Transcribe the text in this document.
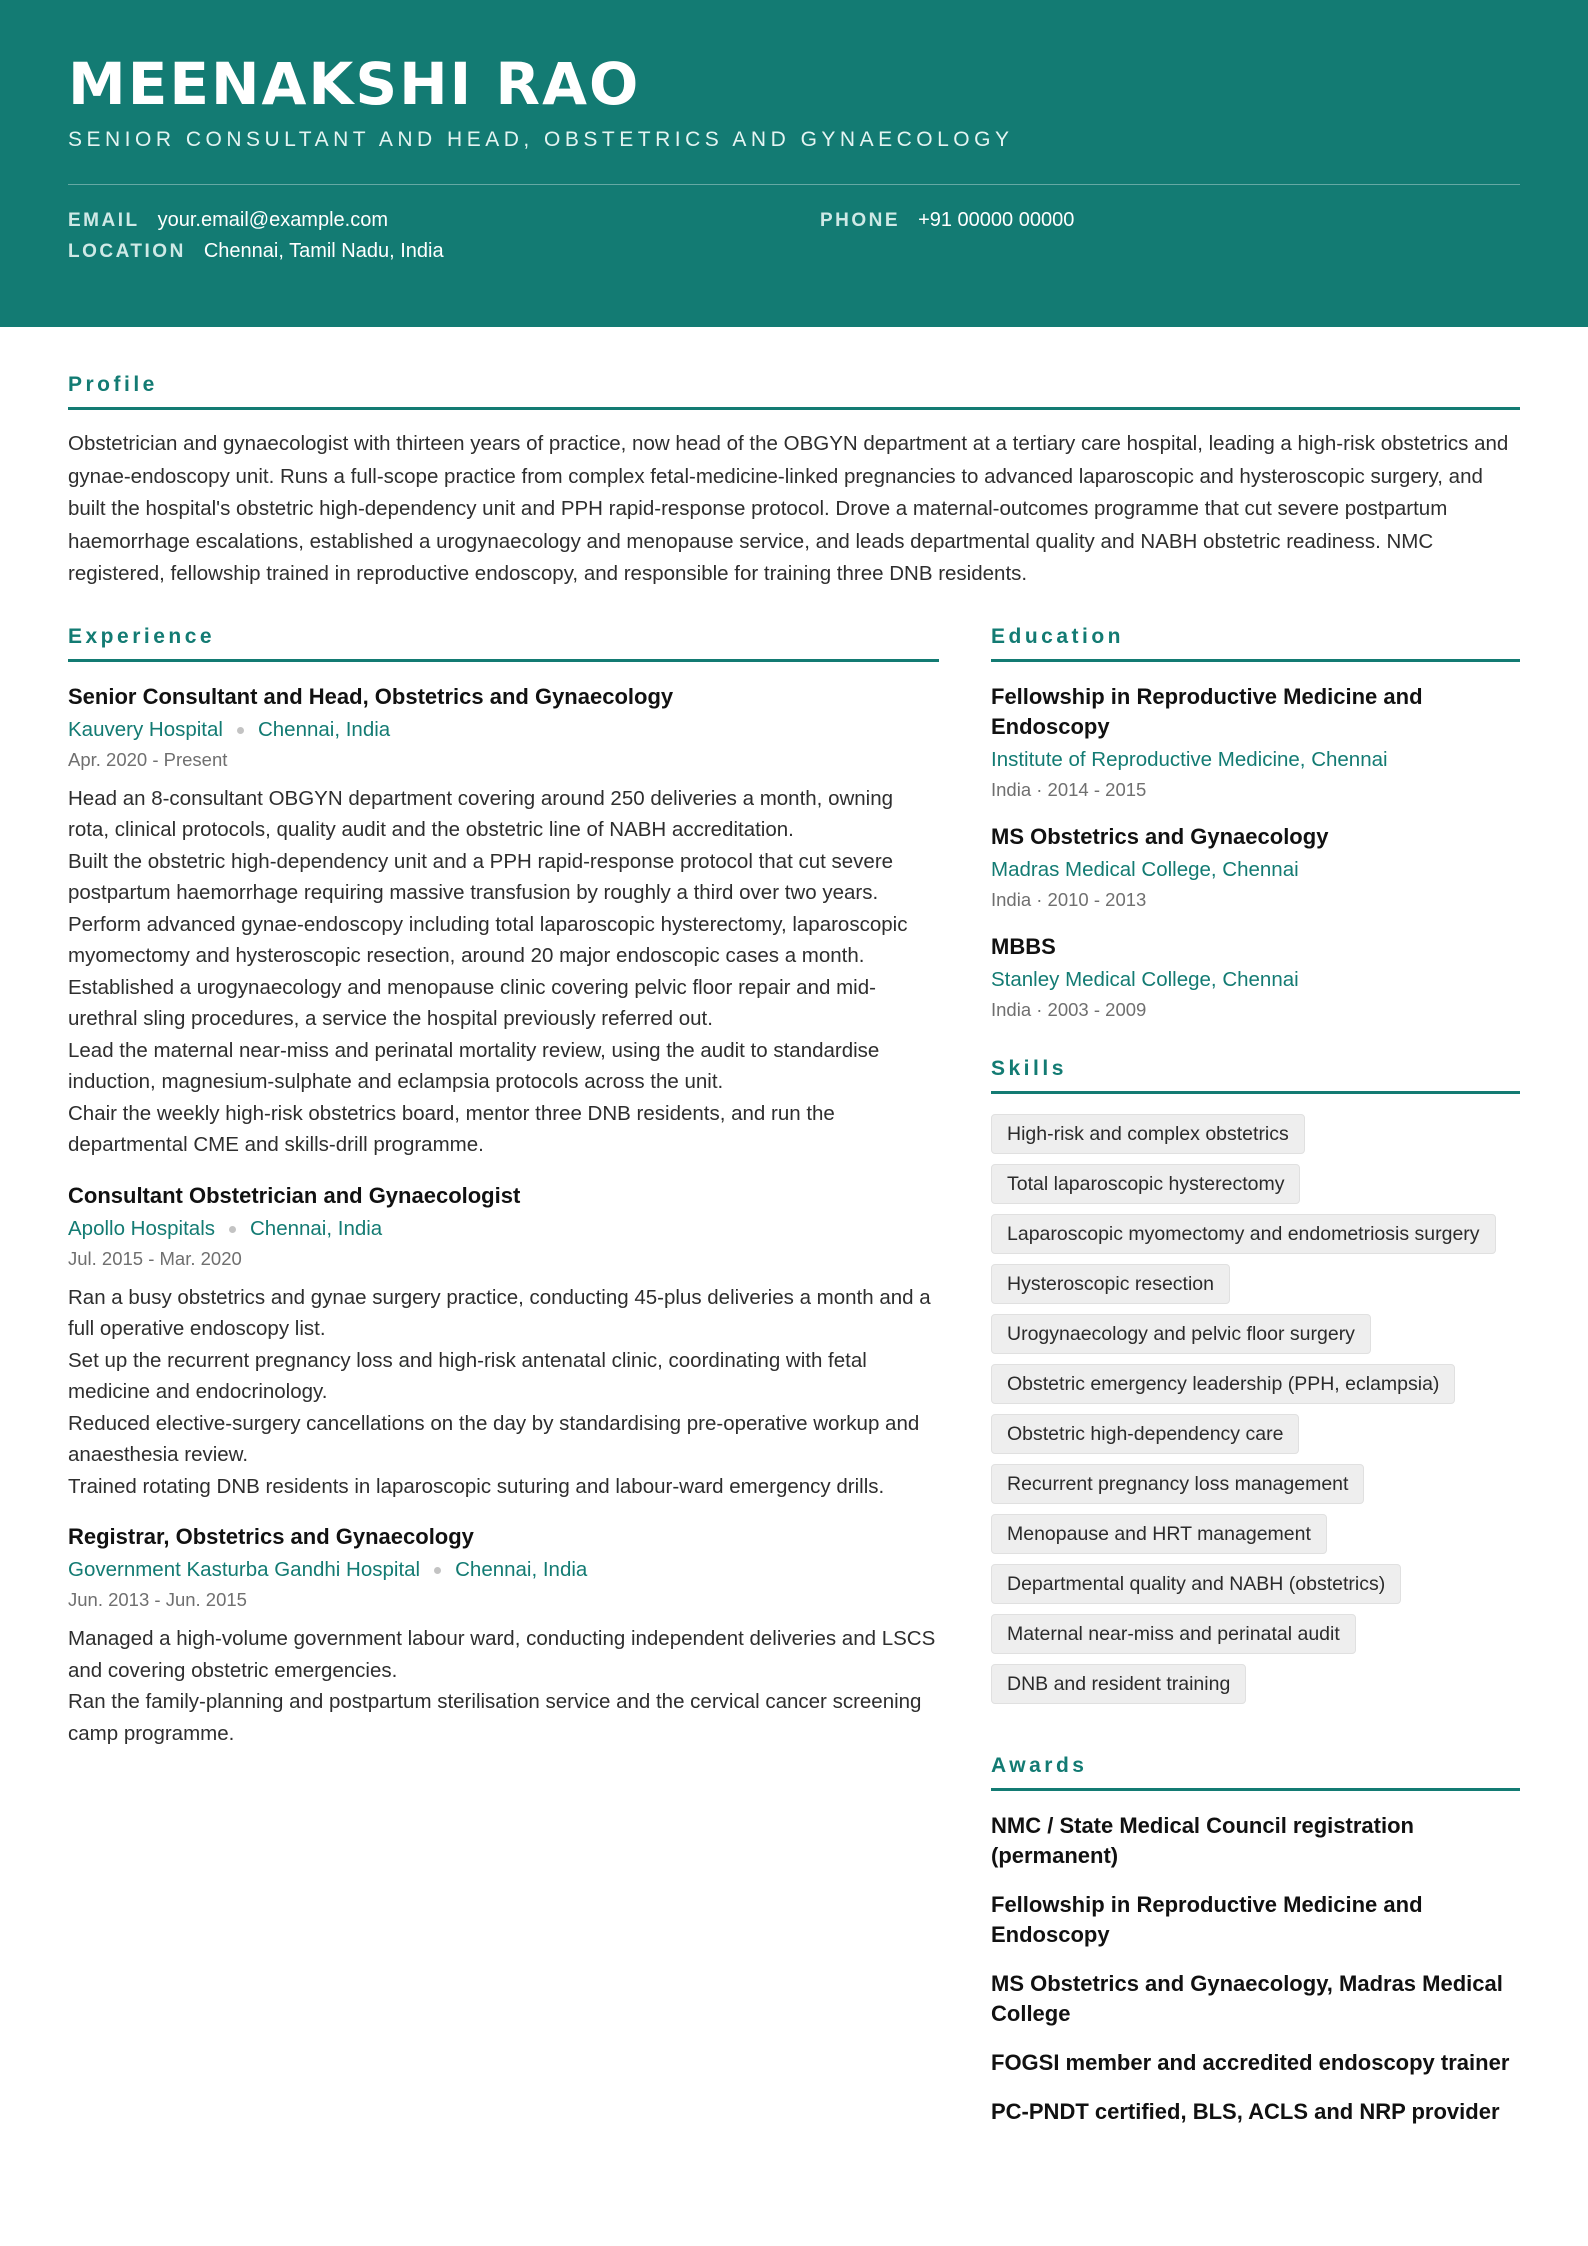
MEENAKSHI RAO
SENIOR CONSULTANT AND HEAD, OBSTETRICS AND GYNAECOLOGY
EMAIL your.email@example.com	PHONE +91 00000 00000
LOCATION Chennai, Tamil Nadu, India
Profile

Obstetrician and gynaecologist with thirteen years of practice, now head of the OBGYN department at a tertiary care hospital, leading a high-risk obstetrics and gynae-endoscopy unit. Runs a full-scope practice from complex fetal-medicine-linked pregnancies to advanced laparoscopic and hysteroscopic surgery, and built the hospital's obstetric high-dependency unit and PPH rapid-response protocol. Drove a maternal-outcomes programme that cut severe postpartum haemorrhage escalations, established a urogynaecology and menopause service, and leads departmental quality and NABH obstetric readiness. NMC registered, fellowship trained in reproductive endoscopy, and responsible for training three DNB residents.

Experience
Senior Consultant and Head, Obstetrics and Gynaecology
Kauvery Hospital Chennai, India
Apr. 2020 - Present
Head an 8-consultant OBGYN department covering around 250 deliveries a month, owning rota, clinical protocols, quality audit and the obstetric line of NABH accreditation.
Built the obstetric high-dependency unit and a PPH rapid-response protocol that cut severe postpartum haemorrhage requiring massive transfusion by roughly a third over two years.
Perform advanced gynae-endoscopy including total laparoscopic hysterectomy, laparoscopic myomectomy and hysteroscopic resection, around 20 major endoscopic cases a month.
Established a urogynaecology and menopause clinic covering pelvic floor repair and mid-urethral sling procedures, a service the hospital previously referred out.
Lead the maternal near-miss and perinatal mortality review, using the audit to standardise induction, magnesium-sulphate and eclampsia protocols across the unit.
Chair the weekly high-risk obstetrics board, mentor three DNB residents, and run the departmental CME and skills-drill programme.
Consultant Obstetrician and Gynaecologist
Apollo Hospitals Chennai, India
Jul. 2015 - Mar. 2020
Ran a busy obstetrics and gynae surgery practice, conducting 45-plus deliveries a month and a full operative endoscopy list.
Set up the recurrent pregnancy loss and high-risk antenatal clinic, coordinating with fetal medicine and endocrinology.
Reduced elective-surgery cancellations on the day by standardising pre-operative workup and anaesthesia review.
Trained rotating DNB residents in laparoscopic suturing and labour-ward emergency drills.
Registrar, Obstetrics and Gynaecology
Government Kasturba Gandhi Hospital Chennai, India
Jun. 2013 - Jun. 2015
Managed a high-volume government labour ward, conducting independent deliveries and LSCS and covering obstetric emergencies.
Ran the family-planning and postpartum sterilisation service and the cervical cancer screening camp programme.
Education
Fellowship in Reproductive Medicine and Endoscopy
Institute of Reproductive Medicine, Chennai
India · 2014 - 2015
MS Obstetrics and Gynaecology
Madras Medical College, Chennai
India · 2010 - 2013
MBBS
Stanley Medical College, Chennai
India · 2003 - 2009
Skills
High-risk and complex obstetrics
Total laparoscopic hysterectomy
Laparoscopic myomectomy and endometriosis surgery
Hysteroscopic resection
Urogynaecology and pelvic floor surgery
Obstetric emergency leadership (PPH, eclampsia)
Obstetric high-dependency care
Recurrent pregnancy loss management
Menopause and HRT management
Departmental quality and NABH (obstetrics)
Maternal near-miss and perinatal audit
DNB and resident training
Awards
NMC / State Medical Council registration (permanent)
Fellowship in Reproductive Medicine and Endoscopy
MS Obstetrics and Gynaecology, Madras Medical College
FOGSI member and accredited endoscopy trainer
PC-PNDT certified, BLS, ACLS and NRP provider
